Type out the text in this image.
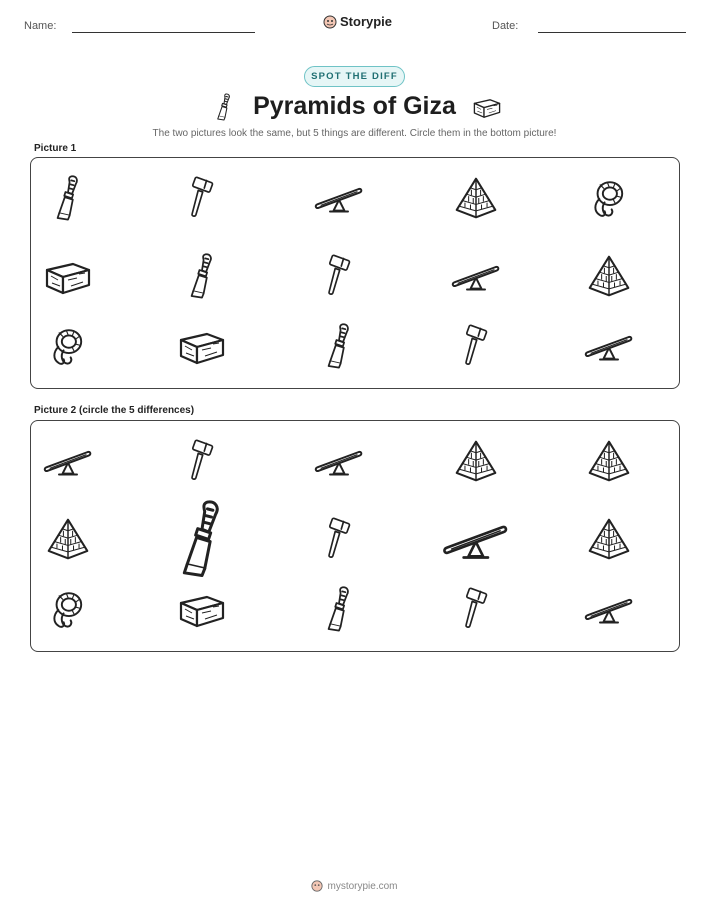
Name:	Storypie	Date:
SPOT THE DIFF
Pyramids of Giza
The two pictures look the same, but 5 things are different. Circle them in the bottom picture!
Picture 1
Picture 2 (circle the 5 differences)
mystorypie.com
